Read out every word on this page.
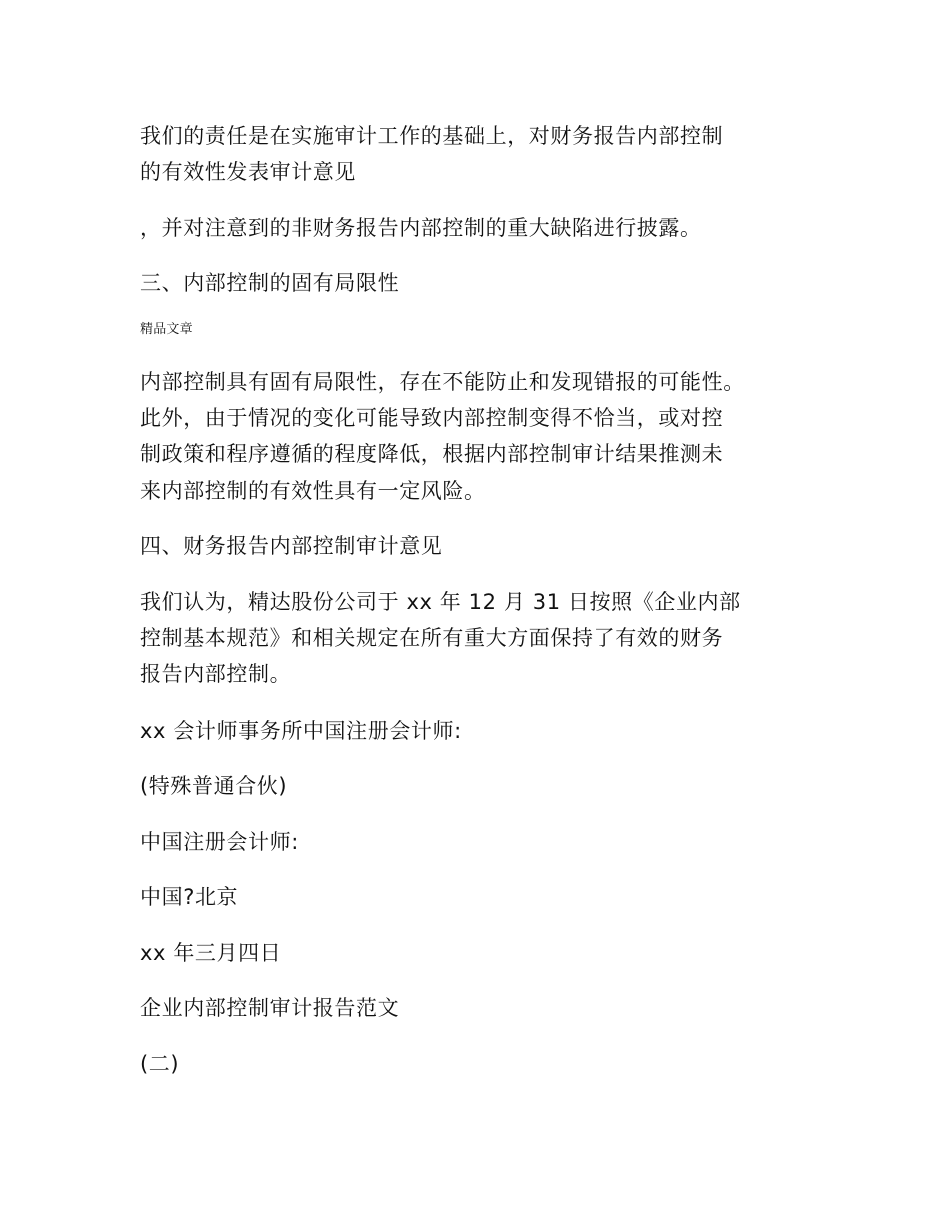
我们的责任是在实施审计工作的基础上，对财务报告内部控制

的有效性发表审计意见

，并对注意到的非财务报告内部控制的重大缺陷进行披露。

三、内部控制的固有局限性

精品文章

内部控制具有固有局限性，存在不能防止和发现错报的可能性。

此外，由于情况的变化可能导致内部控制变得不恰当，或对控

制政策和程序遵循的程度降低，根据内部控制审计结果推测未

来内部控制的有效性具有一定风险。

四、财务报告内部控制审计意见

我们认为，精达股份公司于 xx 年 12 月 31 日按照《企业内部

控制基本规范》和相关规定在所有重大方面保持了有效的财务

报告内部控制。

xx 会计师事务所中国注册会计师:

(特殊普通合伙)

中国注册会计师:

中国?北京

xx 年三月四日

企业内部控制审计报告范文

(二)
